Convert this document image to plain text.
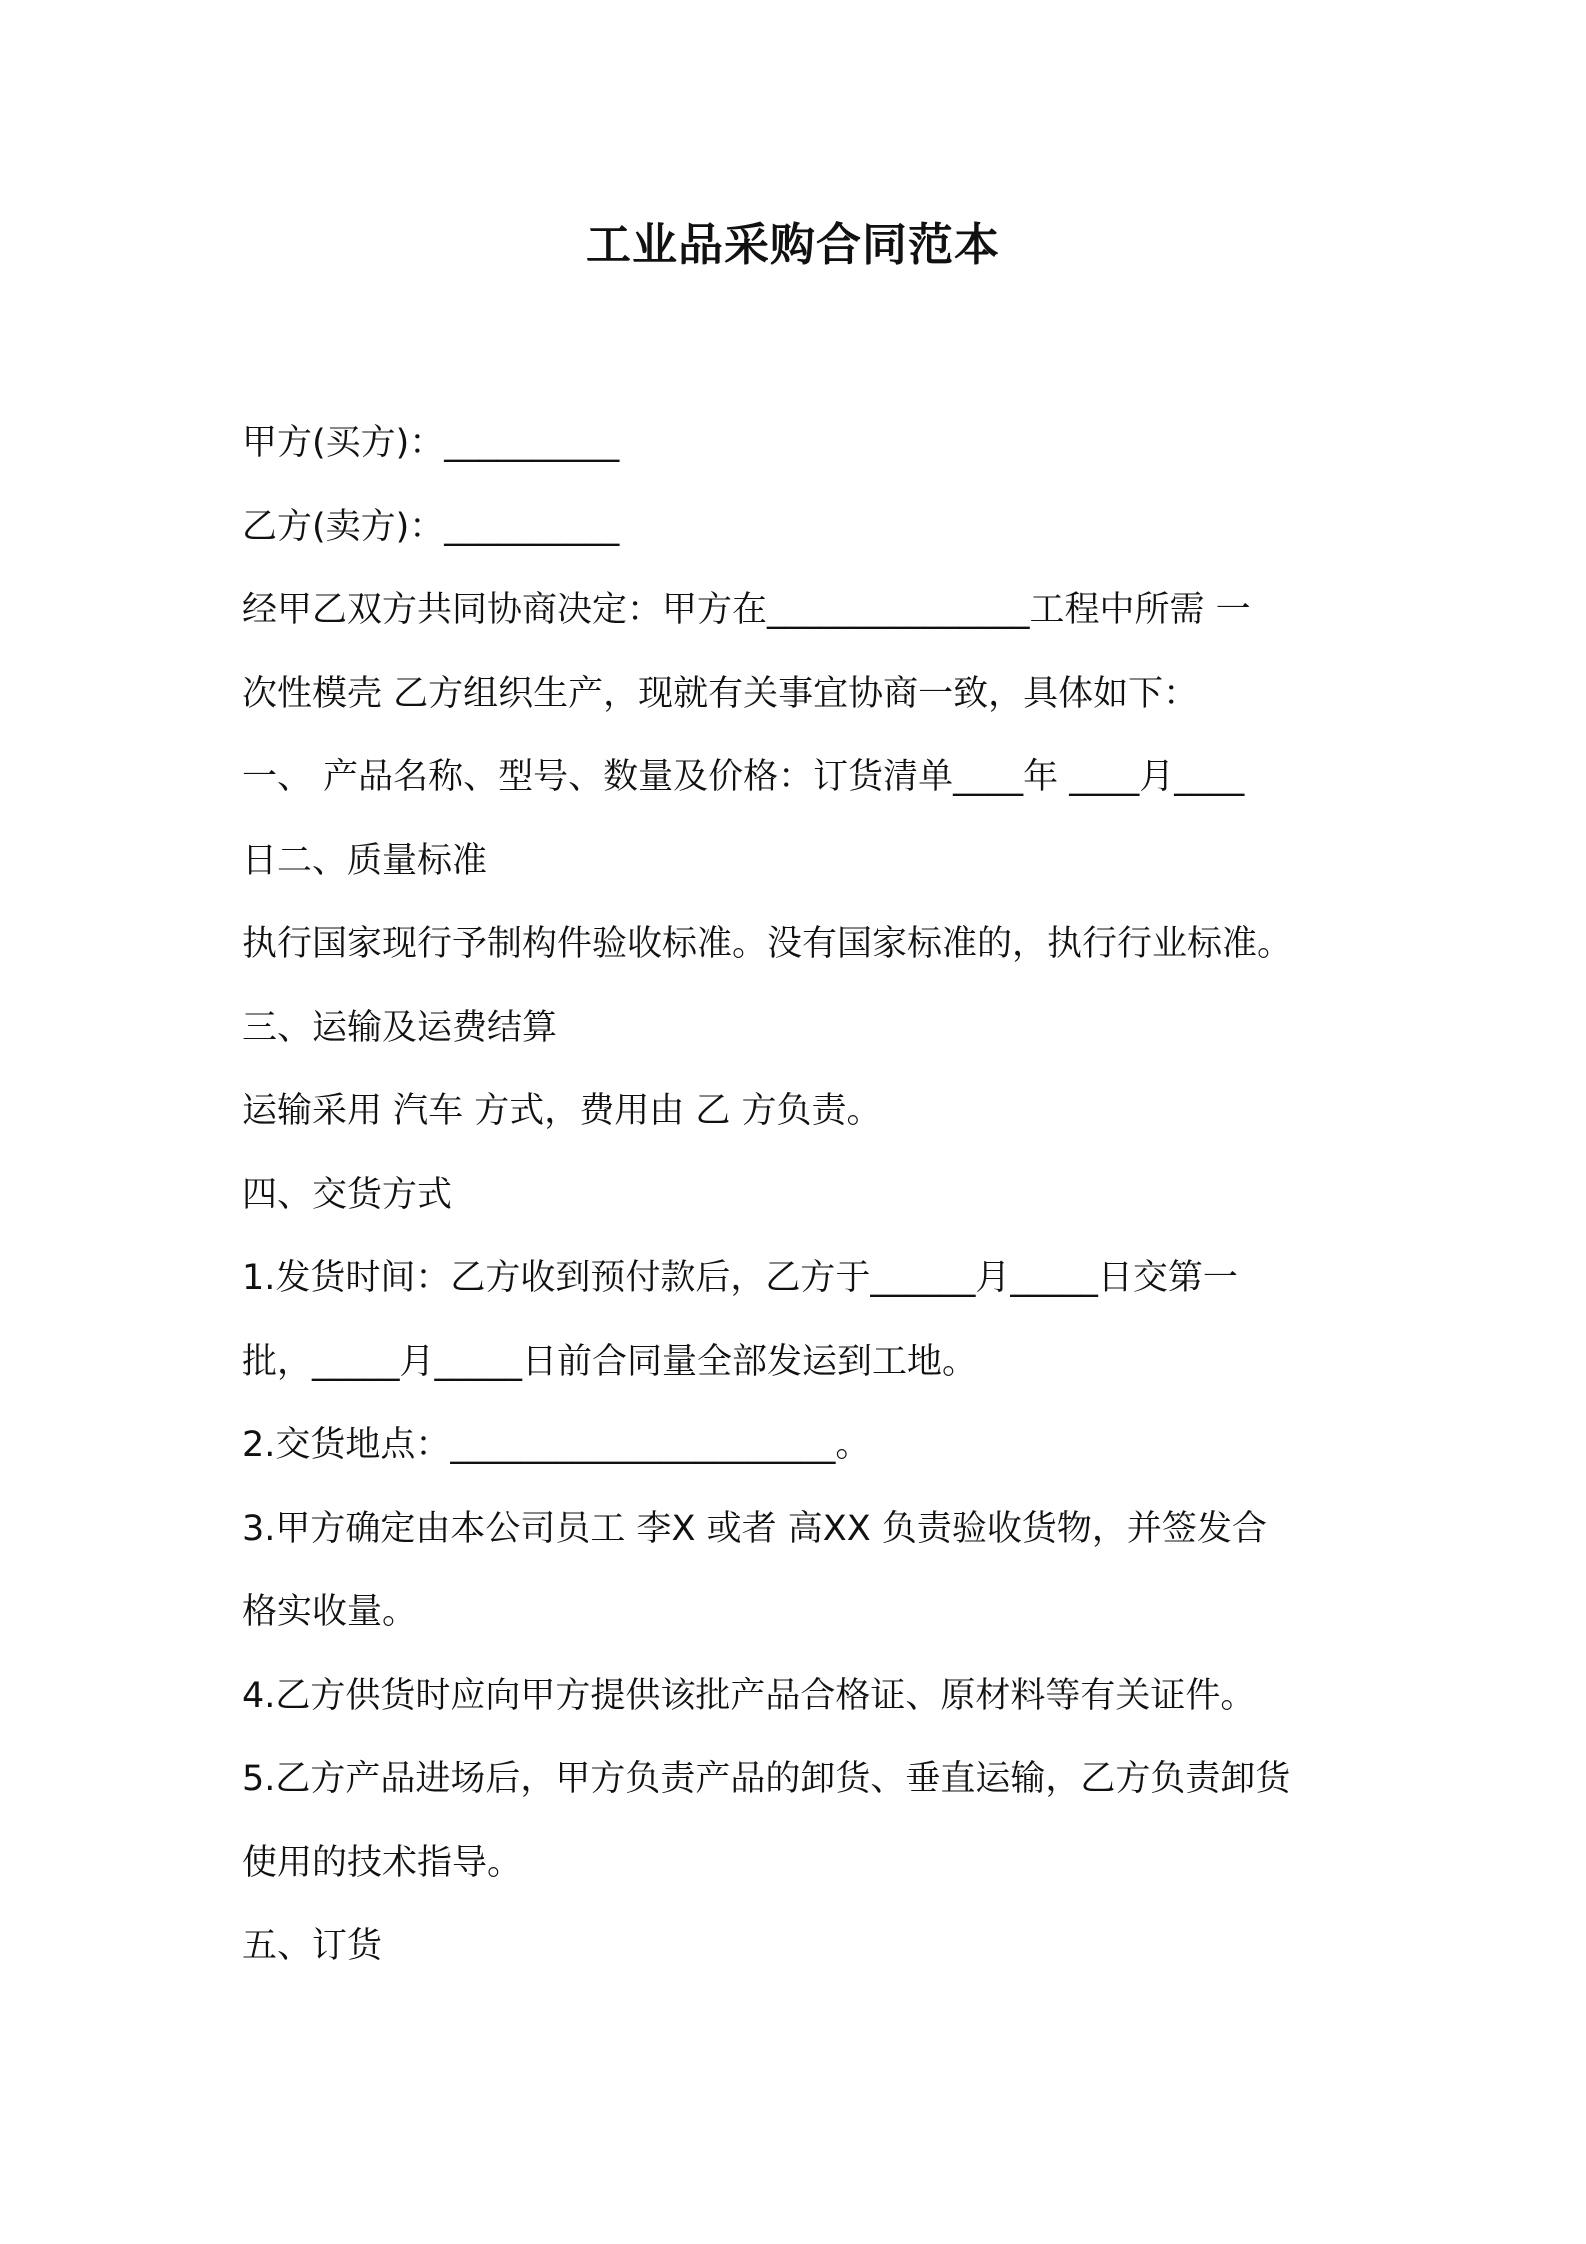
工业品采购合同范本
甲方(买方)：__________
乙方(卖方)：__________
经甲乙双方共同协商决定：甲方在_______________工程中所需 一
次性模壳 乙方组织生产，现就有关事宜协商一致，具体如下：
一、 产品名称、型号、数量及价格：订货清单____年 ____月____
日二、质量标准
执行国家现行予制构件验收标准。没有国家标准的，执行行业标准。
三、运输及运费结算
运输采用 汽车 方式，费用由 乙 方负责。
四、交货方式
1.发货时间：乙方收到预付款后，乙方于______月_____日交第一
批，_____月_____日前合同量全部发运到工地。
2.交货地点：______________________。
3.甲方确定由本公司员工 李X 或者 高XX 负责验收货物，并签发合
格实收量。
4.乙方供货时应向甲方提供该批产品合格证、原材料等有关证件。
5.乙方产品进场后，甲方负责产品的卸货、垂直运输，乙方负责卸货
使用的技术指导。
五、订货
